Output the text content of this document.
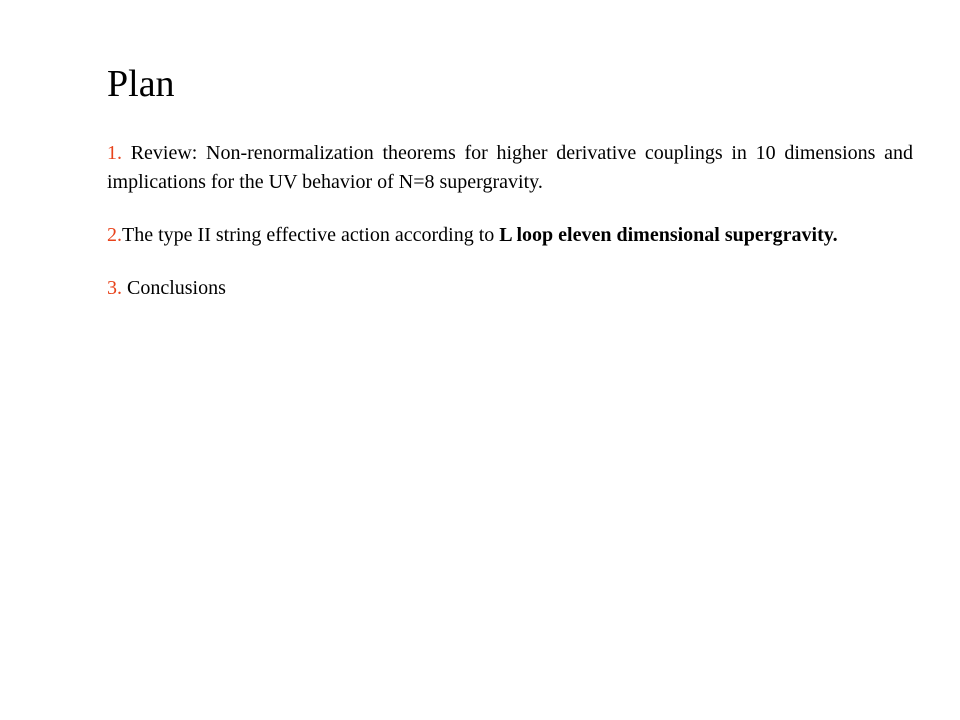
Plan

1. Review: Non-renormalization theorems for higher derivative couplings in 10 dimensions and implications for the UV behavior of N=8 supergravity.

2.The type II string effective action according to L loop eleven dimensional supergravity.

3. Conclusions
